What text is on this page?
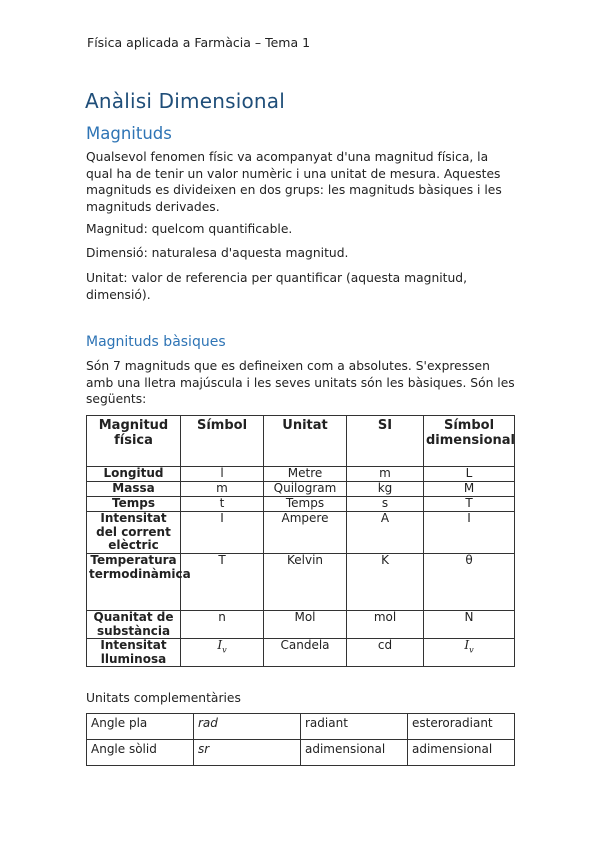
Física aplicada a Farmàcia – Tema 1
Anàlisi Dimensional
Magnituds

Qualsevol fenomen físic va acompanyat d'una magnitud física, la qual ha de tenir un valor numèric i una unitat de mesura. Aquestes magnituds es divideixen en dos grups: les magnituds bàsiques i les magnituds derivades.

Magnitud: quelcom quantificable.

Dimensió: naturalesa d'aquesta magnitud.

Unitat: valor de referencia per quantificar (aquesta magnitud, dimensió).

Magnituds bàsiques

Són 7 magnituds que es defineixen com a absolutes. S'expressen amb una lletra majúscula i les seves unitats són les bàsiques. Són les següents:

Magnitud física	Símbol	Unitat	SI	Símbol dimensional
Longitud	l	Metre	m	L
Massa	m	Quilogram	kg	M
Temps	t	Temps	s	T
Intensitat del corrent elèctric	I	Ampere	A	I
Temperatura termodinàmica	T	Kelvin	K	θ
Quanitat de substància	n	Mol	mol	N
Intensitat lluminosa	$I_v$	Candela	cd	$I_v$

Unitats complementàries

Angle pla	rad	radiant	esteroradiant
Angle sòlid	sr	adimensional	adimensional
